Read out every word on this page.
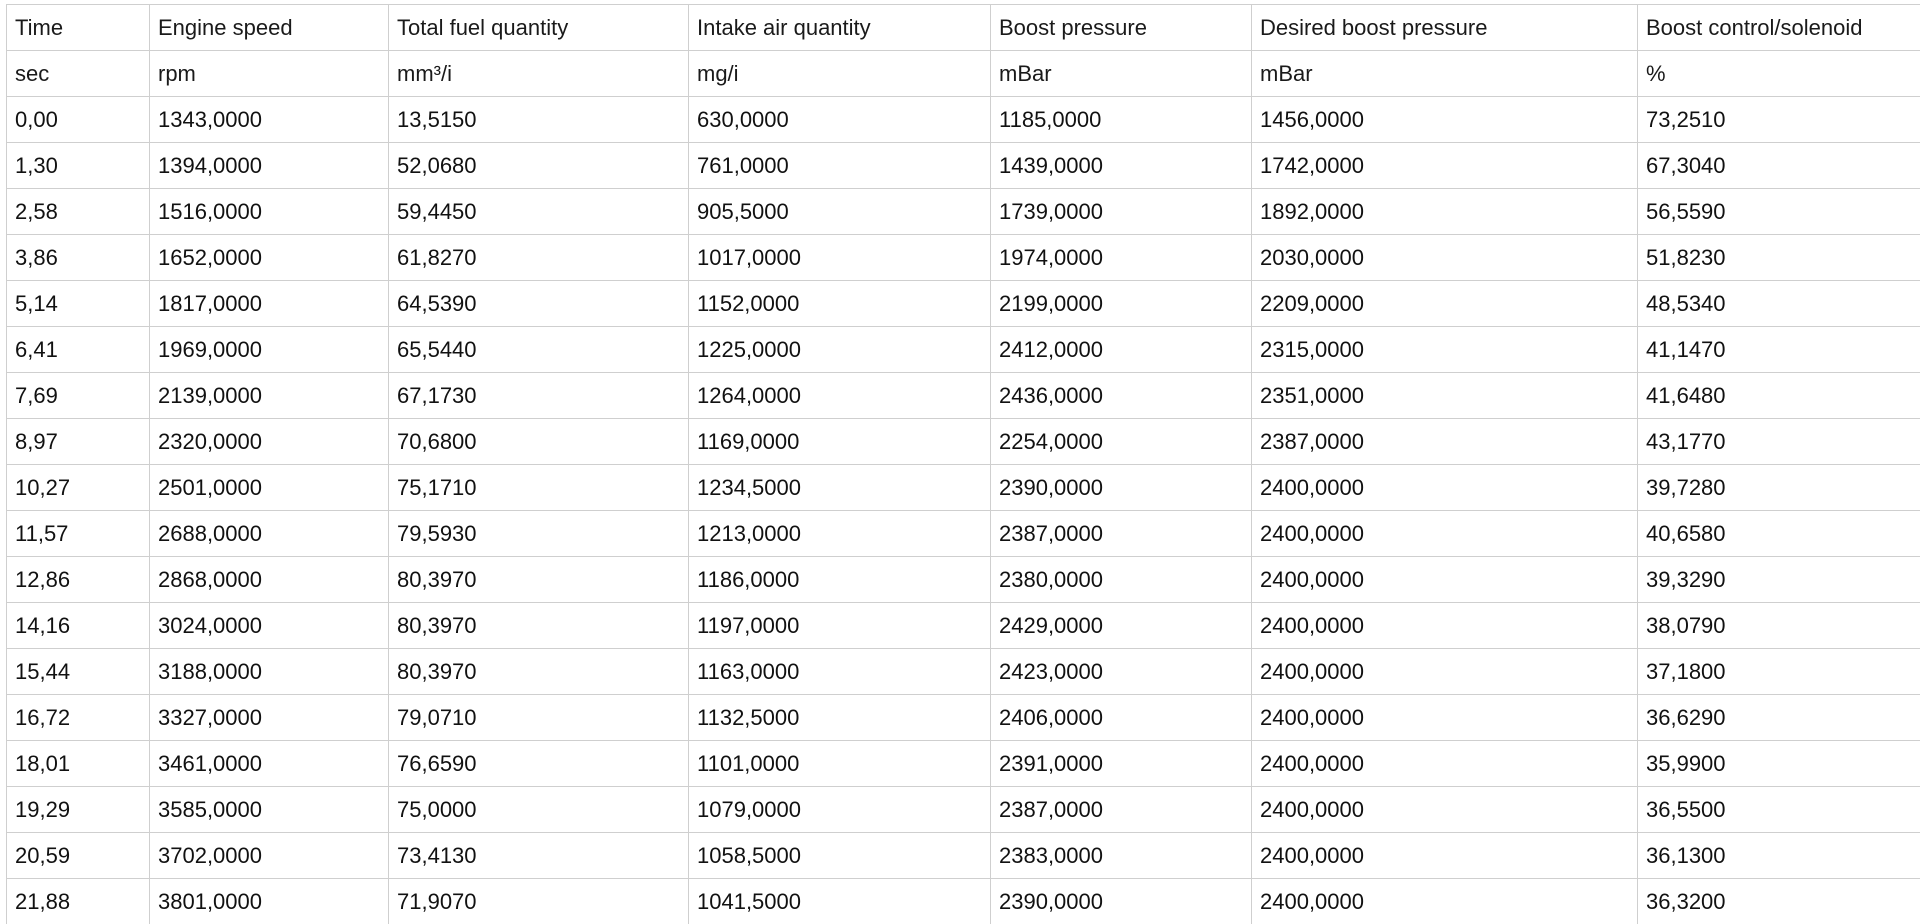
Time	Engine speed	Total fuel quantity	Intake air quantity	Boost pressure	Desired boost pressure	Boost control/solenoid
sec	rpm	mm³/i	mg/i	mBar	mBar	%
0,00	1343,0000	13,5150	630,0000	1185,0000	1456,0000	73,2510
1,30	1394,0000	52,0680	761,0000	1439,0000	1742,0000	67,3040
2,58	1516,0000	59,4450	905,5000	1739,0000	1892,0000	56,5590
3,86	1652,0000	61,8270	1017,0000	1974,0000	2030,0000	51,8230
5,14	1817,0000	64,5390	1152,0000	2199,0000	2209,0000	48,5340
6,41	1969,0000	65,5440	1225,0000	2412,0000	2315,0000	41,1470
7,69	2139,0000	67,1730	1264,0000	2436,0000	2351,0000	41,6480
8,97	2320,0000	70,6800	1169,0000	2254,0000	2387,0000	43,1770
10,27	2501,0000	75,1710	1234,5000	2390,0000	2400,0000	39,7280
11,57	2688,0000	79,5930	1213,0000	2387,0000	2400,0000	40,6580
12,86	2868,0000	80,3970	1186,0000	2380,0000	2400,0000	39,3290
14,16	3024,0000	80,3970	1197,0000	2429,0000	2400,0000	38,0790
15,44	3188,0000	80,3970	1163,0000	2423,0000	2400,0000	37,1800
16,72	3327,0000	79,0710	1132,5000	2406,0000	2400,0000	36,6290
18,01	3461,0000	76,6590	1101,0000	2391,0000	2400,0000	35,9900
19,29	3585,0000	75,0000	1079,0000	2387,0000	2400,0000	36,5500
20,59	3702,0000	73,4130	1058,5000	2383,0000	2400,0000	36,1300
21,88	3801,0000	71,9070	1041,5000	2390,0000	2400,0000	36,3200
